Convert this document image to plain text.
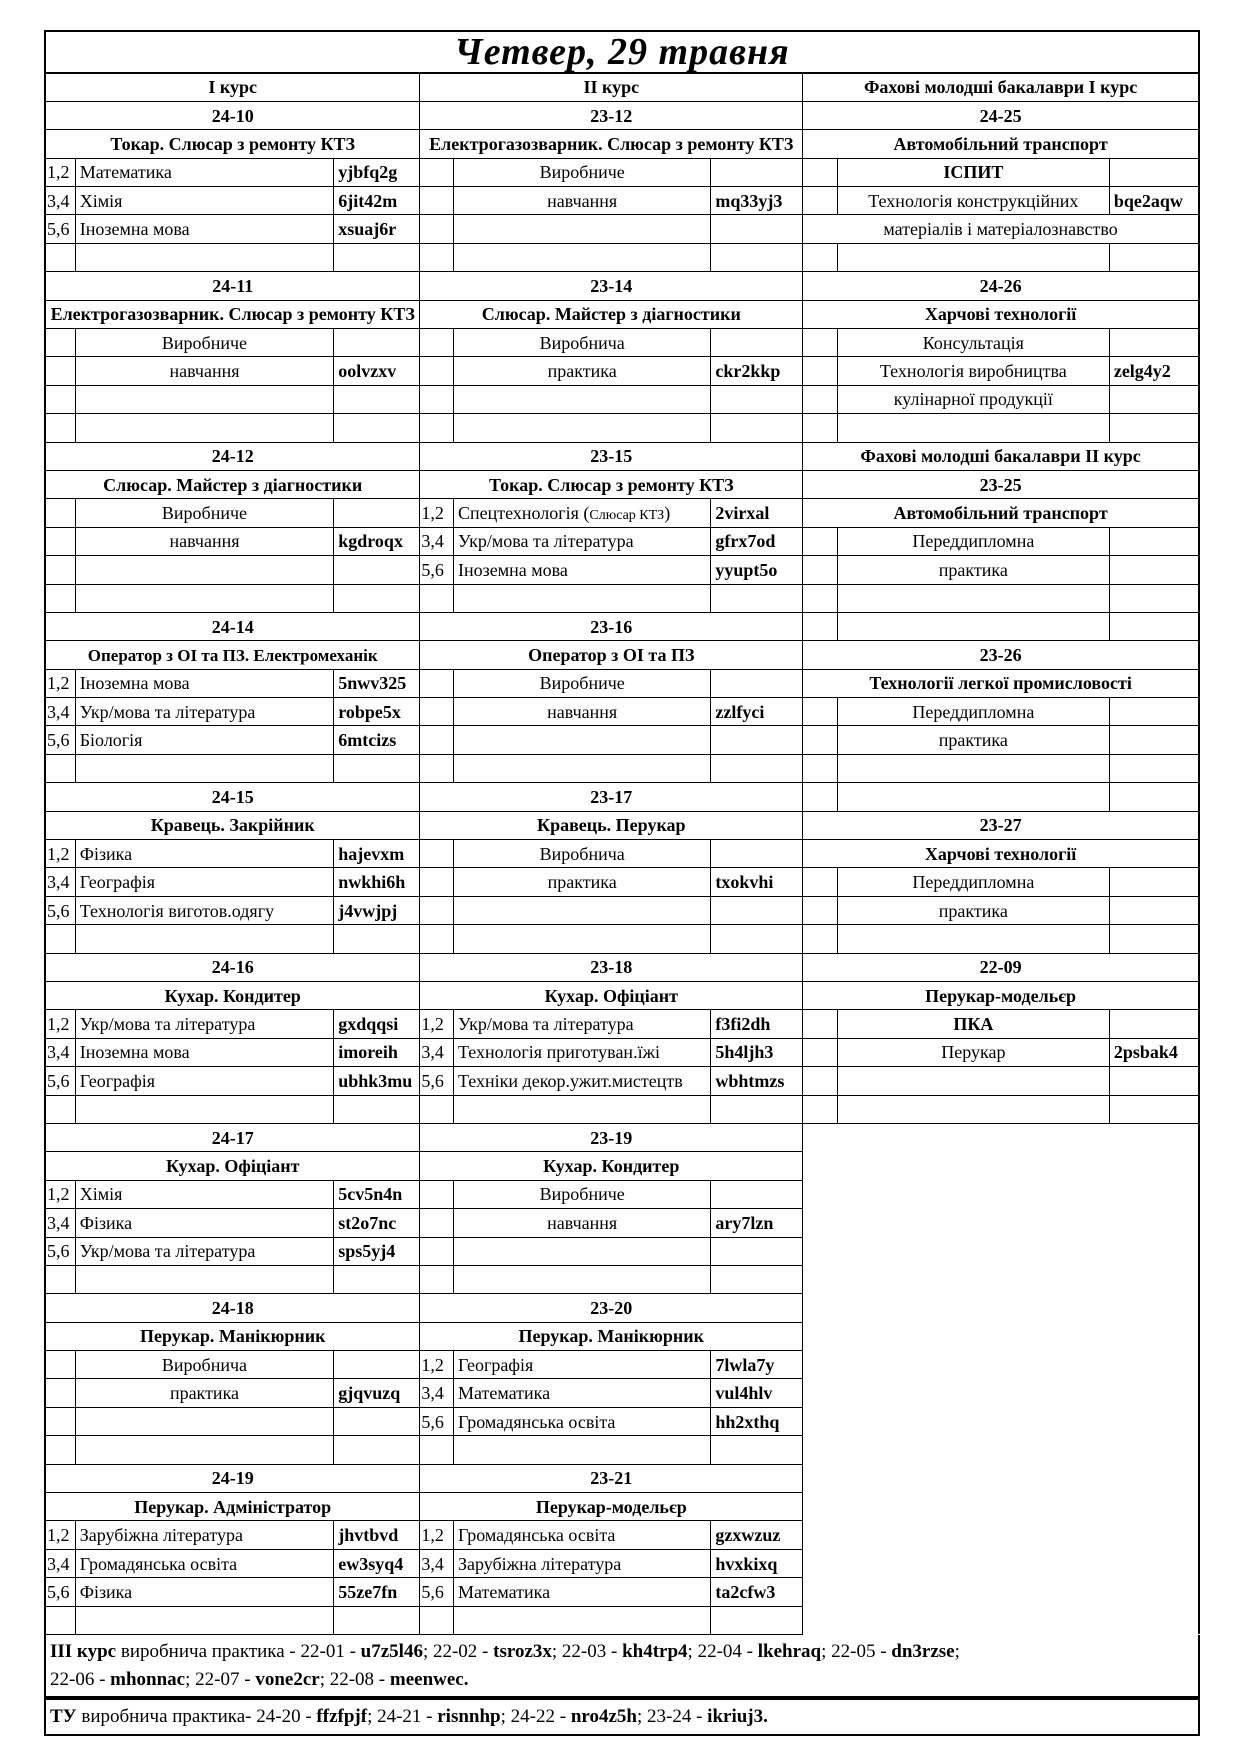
Четвер, 29 травня								
I курс			II курс			Фахові молодші бакалаври I курс		
24-10			23-12			24-25		
Токар. Слюсар з ремонту КТЗ			Електрогазозварник. Слюсар з ремонту КТЗ			Автомобільний транспорт		
1,2	Математика	yjbfq2g		Виробниче			ІСПИТ	
3,4	Хімія	6jit42m		навчання	mq33yj3		Технологія конструкційних	bqe2aqw
5,6	Іноземна мова	xsuaj6r				матеріалів і матеріалознавство		

24-11			23-14			24-26		
Електрогазозварник. Слюсар з ремонту КТЗ			Слюсар. Майстер з діагностики			Харчові технології		
	Виробниче			Виробнича			Консультація	
	навчання	oolvzxv		практика	ckr2kkp		Технологія виробництва	zelg4y2
							кулінарної продукції	

24-12			23-15			Фахові молодші бакалаври II курс		
Слюсар. Майстер з діагностики			Токар. Слюсар з ремонту КТЗ			23-25		
	Виробниче		1,2	Спецтехнологія (Слюсар КТЗ)	2virxal	Автомобільний транспорт		
	навчання	kgdroqx	3,4	Укр/мова та література	gfrx7od		Переддипломна	
			5,6	Іноземна мова	yyupt5o		практика	

24-14			23-16					
Оператор з ОІ та ПЗ. Електромеханік			Оператор з ОІ та ПЗ			23-26		
1,2	Іноземна мова	5nwv325		Виробниче		Технології легкої промисловості		
3,4	Укр/мова та література	robpe5x		навчання	zzlfyci		Переддипломна	
5,6	Біологія	6mtcizs					практика	

24-15			23-17					
Кравець. Закрійник			Кравець. Перукар			23-27		
1,2	Фізика	hajevxm		Виробнича		Харчові технології		
3,4	Географія	nwkhi6h		практика	txokvhi		Переддипломна	
5,6	Технологія виготов.одягу	j4vwjpj					практика	

24-16			23-18			22-09		
Кухар. Кондитер			Кухар. Офіціант			Перукар-модельєр		
1,2	Укр/мова та література	gxdqqsi	1,2	Укр/мова та література	f3fi2dh		ПКА	
3,4	Іноземна мова	imoreih	3,4	Технологія приготуван.їжі	5h4ljh3		Перукар	2psbak4
5,6	Географія	ubhk3mu	5,6	Техніки декор.ужит.мистецтв	wbhtmzs			

24-17			23-19					
Кухар. Офіціант			Кухар. Кондитер					
1,2	Хімія	5cv5n4n		Виробниче				
3,4	Фізика	st2o7nc		навчання	ary7lzn			
5,6	Укр/мова та література	sps5yj4						

24-18			23-20					
Перукар. Манікюрник			Перукар. Манікюрник					
	Виробнича		1,2	Географія	7lwla7y			
	практика	gjqvuzq	3,4	Математика	vul4hlv			
			5,6	Громадянська освіта	hh2xthq			

24-19			23-21					
Перукар. Адміністратор			Перукар-модельєр					
1,2	Зарубіжна література	jhvtbvd	1,2	Громадянська освіта	gzxwzuz			
3,4	Громадянська освіта	ew3syq4	3,4	Зарубіжна література	hvxkixq			
5,6	Фізика	55ze7fn	5,6	Математика	ta2cfw3			

ІІІ курс виробнича практика - 22-01 - u7z5l46; 22-02 - tsroz3x; 22-03 - kh4trp4; 22-04 - lkehraq; 22-05 - dn3rzse;
22-06 - mhonnac; 22-07 - vone2cr; 22-08 - meenwec.
ТУ виробнича практика- 24-20 - ffzfpjf; 24-21 - risnnhp; 24-22 - nro4z5h; 23-24 - ikriuj3.
